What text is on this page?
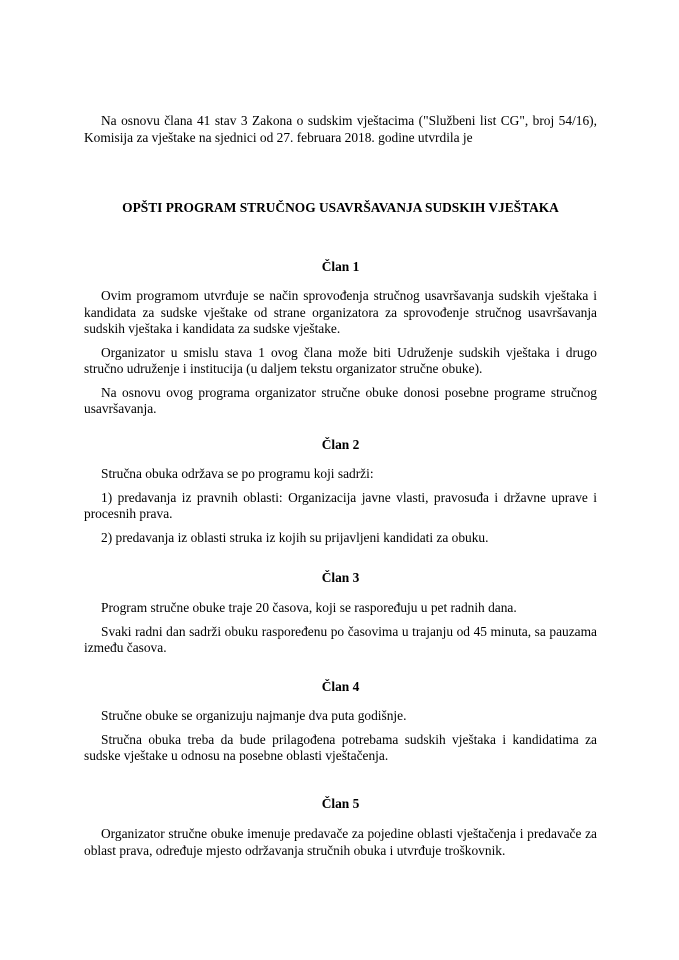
Na osnovu člana 41 stav 3 Zakona o sudskim vještacima ("Službeni list CG", broj 54/16), Komisija za vještake na sjednici od 27. februara 2018. godine utvrdila je

OPŠTI PROGRAM STRUČNOG USAVRŠAVANJA SUDSKIH VJEŠTAKA
Član 1

Ovim programom utvrđuje se način sprovođenja stručnog usavršavanja sudskih vještaka i kandidata za sudske vještake od strane organizatora za sprovođenje stručnog usavršavanja sudskih vještaka i kandidata za sudske vještake.

Organizator u smislu stava 1 ovog člana može biti Udruženje sudskih vještaka i drugo stručno udruženje i institucija (u daljem tekstu organizator stručne obuke).

Na osnovu ovog programa organizator stručne obuke donosi posebne programe stručnog usavršavanja.

Član 2

Stručna obuka održava se po programu koji sadrži:

1) predavanja iz pravnih oblasti: Organizacija javne vlasti, pravosuđa i državne uprave i procesnih prava.

2) predavanja iz oblasti struka iz kojih su prijavljeni kandidati za obuku.

Član 3

Program stručne obuke traje 20 časova, koji se raspoređuju u pet radnih dana.

Svaki radni dan sadrži obuku raspoređenu po časovima u trajanju od 45 minuta, sa pauzama između časova.

Član 4

Stručne obuke se organizuju najmanje dva puta godišnje.

Stručna obuka treba da bude prilagođena potrebama sudskih vještaka i kandidatima za sudske vještake u odnosu na posebne oblasti vještačenja.

Član 5

Organizator stručne obuke imenuje predavače za pojedine oblasti vještačenja i predavače za oblast prava, određuje mjesto održavanja stručnih obuka i utvrđuje troškovnik.
